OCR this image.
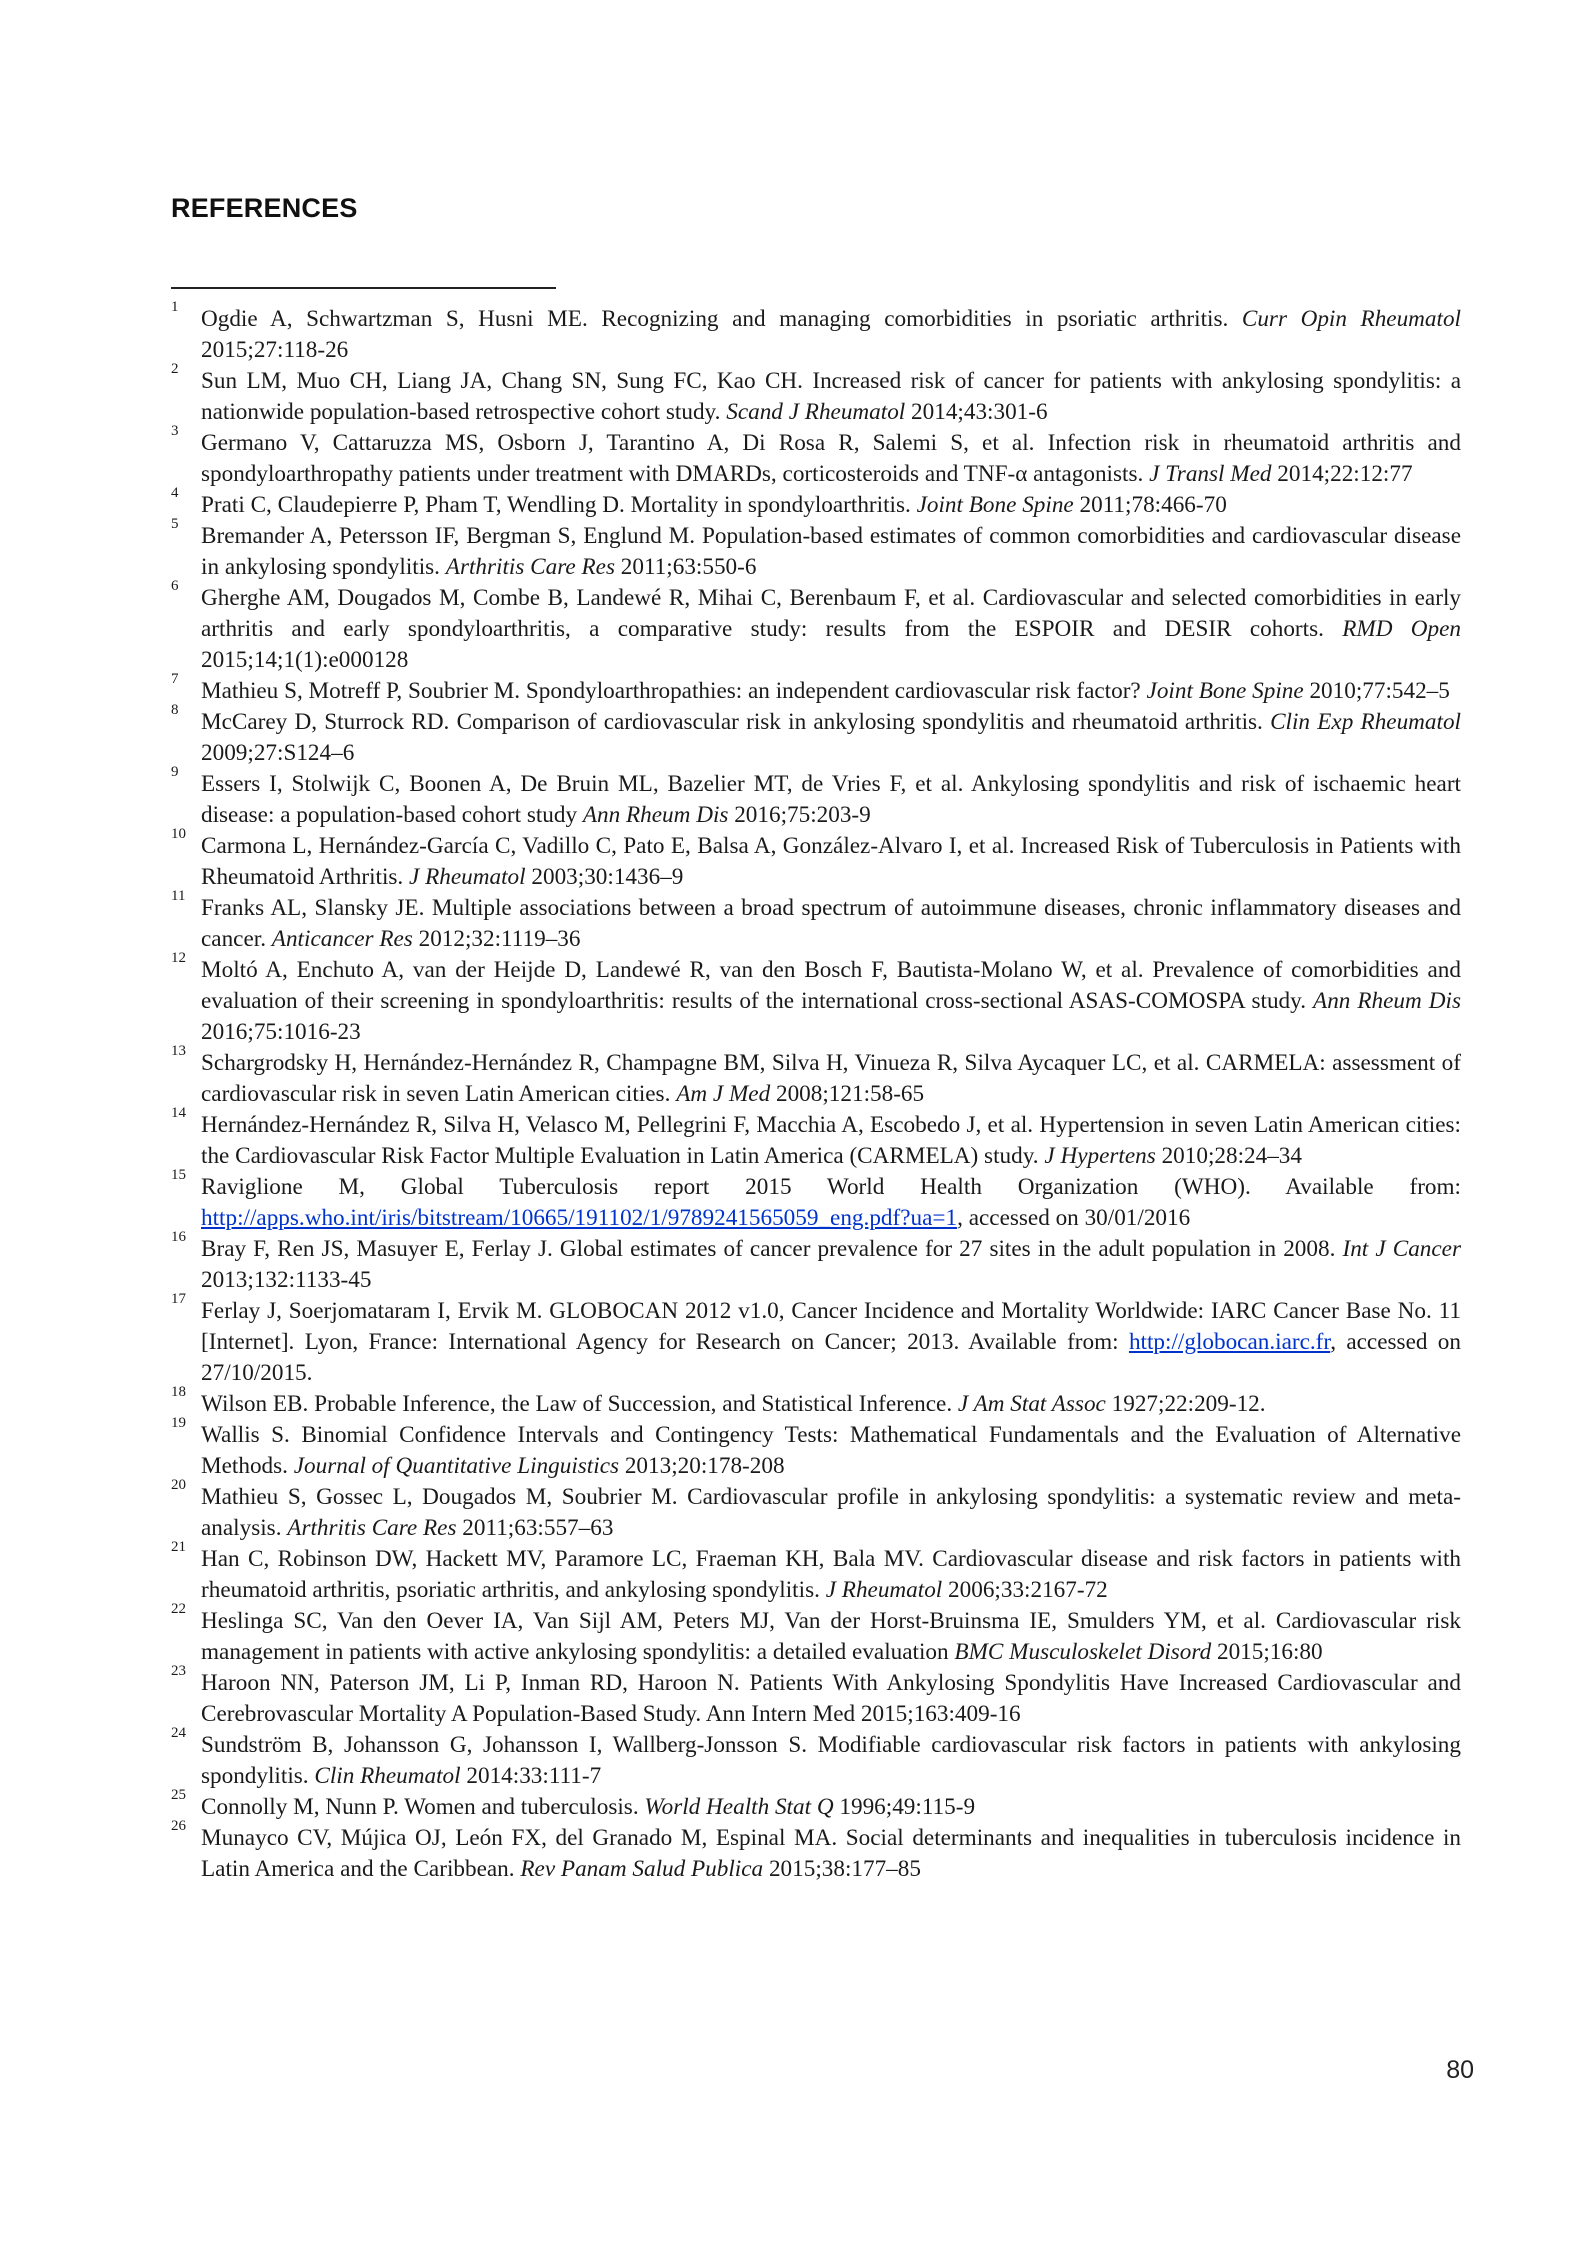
REFERENCES
1 Ogdie A, Schwartzman S, Husni ME. Recognizing and managing comorbidities in psoriatic arthritis. Curr Opin Rheumatol 2015;27:118-26
2 Sun LM, Muo CH, Liang JA, Chang SN, Sung FC, Kao CH. Increased risk of cancer for patients with ankylosing spondylitis: a nationwide population-based retrospective cohort study. Scand J Rheumatol 2014;43:301-6
3 Germano V, Cattaruzza MS, Osborn J, Tarantino A, Di Rosa R, Salemi S, et al. Infection risk in rheumatoid arthritis and spondyloarthropathy patients under treatment with DMARDs, corticosteroids and TNF-α antagonists. J Transl Med 2014;22:12:77
4 Prati C, Claudepierre P, Pham T, Wendling D. Mortality in spondyloarthritis. Joint Bone Spine 2011;78:466-70
5 Bremander A, Petersson IF, Bergman S, Englund M. Population-based estimates of common comorbidities and cardiovascular disease in ankylosing spondylitis. Arthritis Care Res 2011;63:550-6
6 Gherghe AM, Dougados M, Combe B, Landewé R, Mihai C, Berenbaum F, et al. Cardiovascular and selected comorbidities in early arthritis and early spondyloarthritis, a comparative study: results from the ESPOIR and DESIR cohorts. RMD Open 2015;14;1(1):e000128
7 Mathieu S, Motreff P, Soubrier M. Spondyloarthropathies: an independent cardiovascular risk factor? Joint Bone Spine 2010;77:542–5
8 McCarey D, Sturrock RD. Comparison of cardiovascular risk in ankylosing spondylitis and rheumatoid arthritis. Clin Exp Rheumatol 2009;27:S124–6
9 Essers I, Stolwijk C, Boonen A, De Bruin ML, Bazelier MT, de Vries F, et al. Ankylosing spondylitis and risk of ischaemic heart disease: a population-based cohort study Ann Rheum Dis 2016;75:203-9
10 Carmona L, Hernández-García C, Vadillo C, Pato E, Balsa A, González-Alvaro I, et al. Increased Risk of Tuberculosis in Patients with Rheumatoid Arthritis. J Rheumatol 2003;30:1436–9
11 Franks AL, Slansky JE. Multiple associations between a broad spectrum of autoimmune diseases, chronic inflammatory diseases and cancer. Anticancer Res 2012;32:1119–36
12 Moltó A, Enchuto A, van der Heijde D, Landewé R, van den Bosch F, Bautista-Molano W, et al. Prevalence of comorbidities and evaluation of their screening in spondyloarthritis: results of the international cross-sectional ASAS-COMOSPA study. Ann Rheum Dis 2016;75:1016-23
13 Schargrodsky H, Hernández-Hernández R, Champagne BM, Silva H, Vinueza R, Silva Aycaquer LC, et al. CARMELA: assessment of cardiovascular risk in seven Latin American cities. Am J Med 2008;121:58-65
14 Hernández-Hernández R, Silva H, Velasco M, Pellegrini F, Macchia A, Escobedo J, et al. Hypertension in seven Latin American cities: the Cardiovascular Risk Factor Multiple Evaluation in Latin America (CARMELA) study. J Hypertens 2010;28:24–34
15 Raviglione M, Global Tuberculosis report 2015 World Health Organization (WHO). Available from: http://apps.who.int/iris/bitstream/10665/191102/1/9789241565059_eng.pdf?ua=1, accessed on 30/01/2016
16 Bray F, Ren JS, Masuyer E, Ferlay J. Global estimates of cancer prevalence for 27 sites in the adult population in 2008. Int J Cancer 2013;132:1133-45
17 Ferlay J, Soerjomataram I, Ervik M. GLOBOCAN 2012 v1.0, Cancer Incidence and Mortality Worldwide: IARC Cancer Base No. 11 [Internet]. Lyon, France: International Agency for Research on Cancer; 2013. Available from: http://globocan.iarc.fr, accessed on 27/10/2015.
18 Wilson EB. Probable Inference, the Law of Succession, and Statistical Inference. J Am Stat Assoc 1927;22:209-12.
19 Wallis S. Binomial Confidence Intervals and Contingency Tests: Mathematical Fundamentals and the Evaluation of Alternative Methods. Journal of Quantitative Linguistics 2013;20:178-208
20 Mathieu S, Gossec L, Dougados M, Soubrier M. Cardiovascular profile in ankylosing spondylitis: a systematic review and meta-analysis. Arthritis Care Res 2011;63:557–63
21 Han C, Robinson DW, Hackett MV, Paramore LC, Fraeman KH, Bala MV. Cardiovascular disease and risk factors in patients with rheumatoid arthritis, psoriatic arthritis, and ankylosing spondylitis. J Rheumatol 2006;33:2167-72
22 Heslinga SC, Van den Oever IA, Van Sijl AM, Peters MJ, Van der Horst-Bruinsma IE, Smulders YM, et al. Cardiovascular risk management in patients with active ankylosing spondylitis: a detailed evaluation BMC Musculoskelet Disord 2015;16:80
23 Haroon NN, Paterson JM, Li P, Inman RD, Haroon N. Patients With Ankylosing Spondylitis Have Increased Cardiovascular and Cerebrovascular Mortality A Population-Based Study. Ann Intern Med 2015;163:409-16
24 Sundström B, Johansson G, Johansson I, Wallberg-Jonsson S. Modifiable cardiovascular risk factors in patients with ankylosing spondylitis. Clin Rheumatol 2014:33:111-7
25 Connolly M, Nunn P. Women and tuberculosis. World Health Stat Q 1996;49:115-9
26 Munayco CV, Mújica OJ, León FX, del Granado M, Espinal MA. Social determinants and inequalities in tuberculosis incidence in Latin America and the Caribbean. Rev Panam Salud Publica 2015;38:177–85
80
